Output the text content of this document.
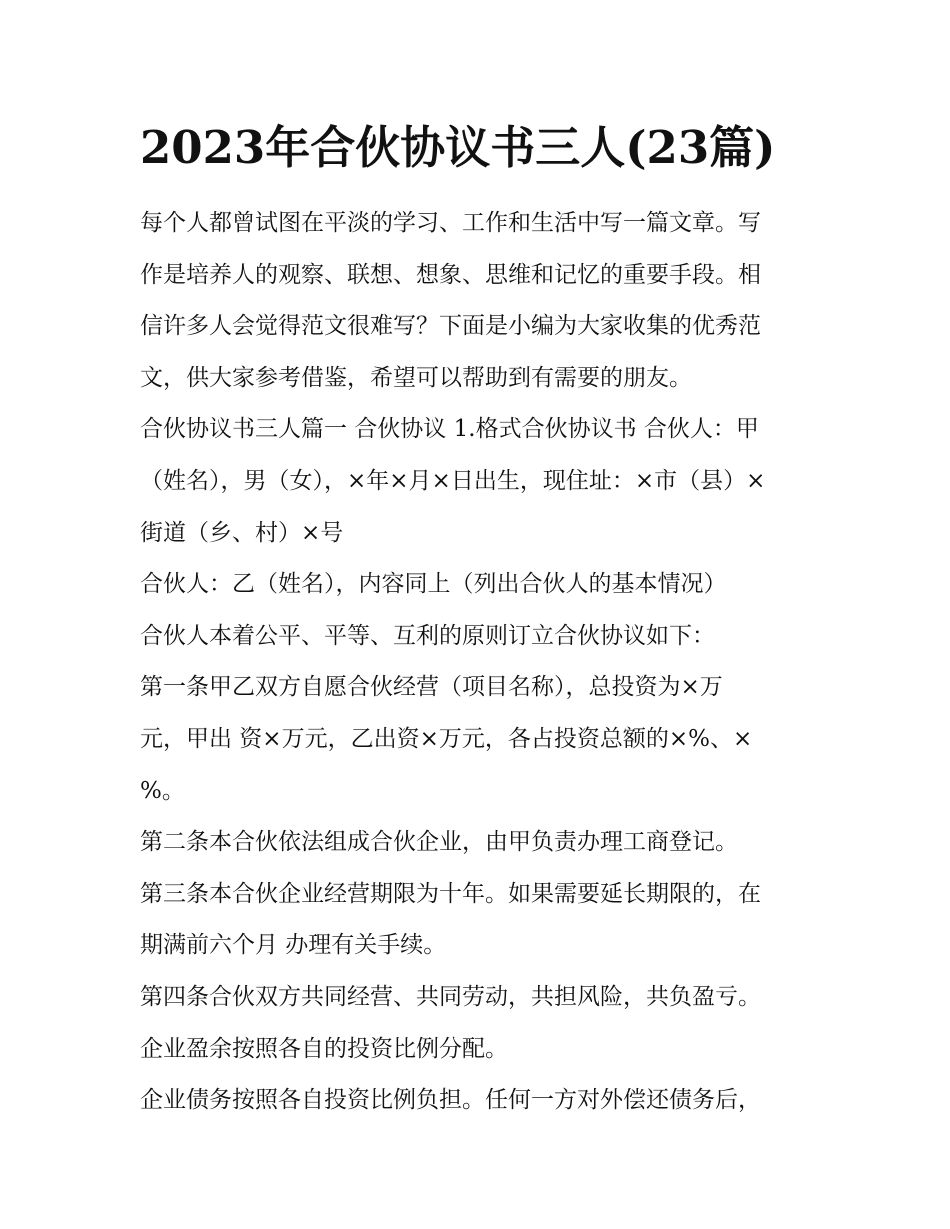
2023年合伙协议书三人(23篇)

每个人都曾试图在平淡的学习、工作和生活中写一篇文章。写

作是培养人的观察、联想、想象、思维和记忆的重要手段。相

信许多人会觉得范文很难写？下面是小编为大家收集的优秀范

文，供大家参考借鉴，希望可以帮助到有需要的朋友。

合伙协议书三人篇一 合伙协议 1.格式合伙协议书 合伙人：甲

（姓名），男（女），×年×月×日出生，现住址：×市（县）×

街道（乡、村）×号

合伙人：乙（姓名），内容同上（列出合伙人的基本情况）

合伙人本着公平、平等、互利的原则订立合伙协议如下：

第一条甲乙双方自愿合伙经营（项目名称），总投资为×万

元，甲出 资×万元，乙出资×万元，各占投资总额的×%、×

%。

第二条本合伙依法组成合伙企业，由甲负责办理工商登记。

第三条本合伙企业经营期限为十年。如果需要延长期限的，在

期满前六个月 办理有关手续。

第四条合伙双方共同经营、共同劳动，共担风险，共负盈亏。

企业盈余按照各自的投资比例分配。

企业债务按照各自投资比例负担。任何一方对外偿还债务后，
